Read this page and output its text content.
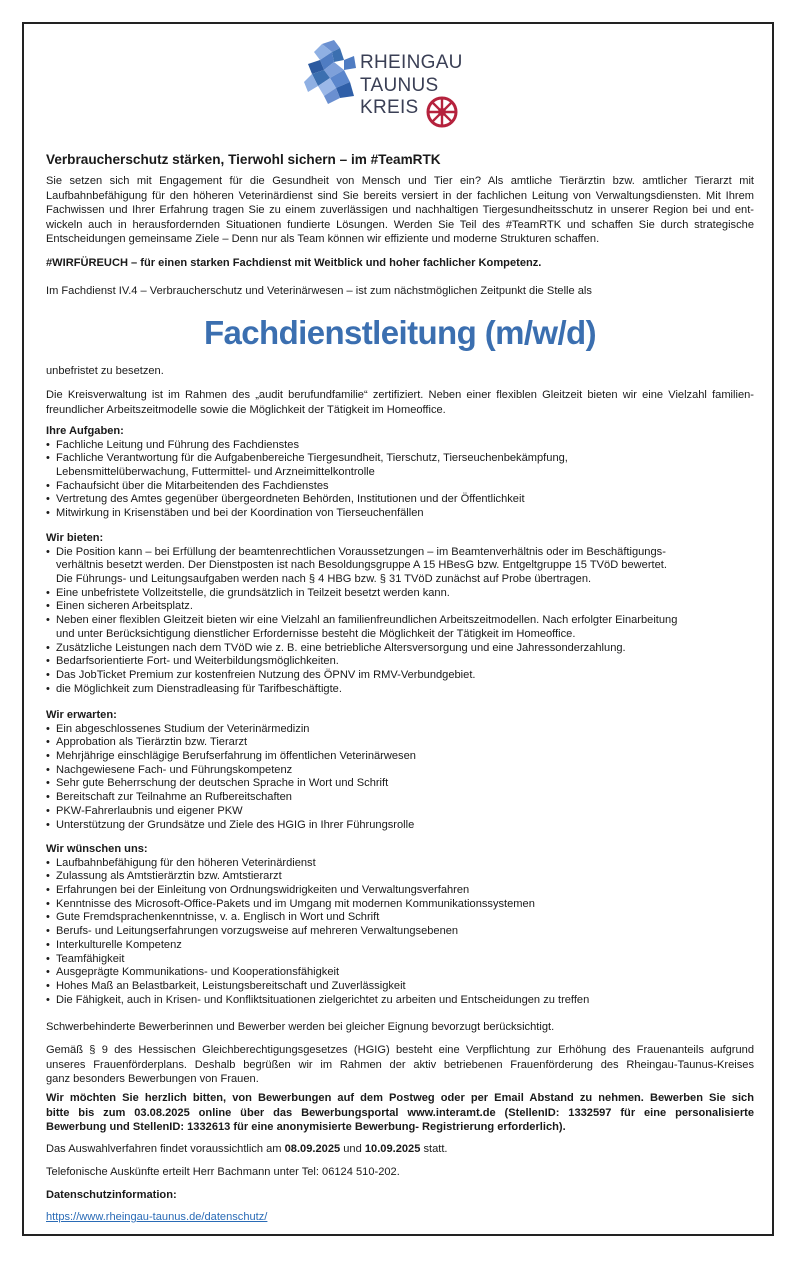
RHEINGAU
TAUNUS
KREIS
Verbraucherschutz stärken, Tierwohl sichern – im #TeamRTK

Sie setzen sich mit Engagement für die Gesundheit von Mensch und Tier ein? Als amtliche Tierärztin bzw. amtlicher Tierarzt mit

Laufbahnbefähigung für den höheren Veterinärdienst sind Sie bereits versiert in der fachlichen Leitung von Verwaltungsdiensten. Mit Ihrem

Fachwissen und Ihrer Erfahrung tragen Sie zu einem zuverlässigen und nachhaltigen Tiergesundheitsschutz in unserer Region bei und ent-

wickeln auch in herausfordernden Situationen fundierte Lösungen. Werden Sie Teil des #TeamRTK und schaffen Sie durch strategische

Entscheidungen gemeinsame Ziele – Denn nur als Team können wir effiziente und moderne Strukturen schaffen.

#WIRFÜREUCH – für einen starken Fachdienst mit Weitblick und hoher fachlicher Kompetenz.

Im Fachdienst IV.4 – Verbraucherschutz und Veterinärwesen – ist zum nächstmöglichen Zeitpunkt die Stelle als

Fachdienstleitung (m/w/d)

unbefristet zu besetzen.

Die Kreisverwaltung ist im Rahmen des „audit berufundfamilie“ zertifiziert. Neben einer flexiblen Gleitzeit bieten wir eine Vielzahl familien-

freundlicher Arbeitszeitmodelle sowie die Möglichkeit der Tätigkeit im Homeoffice.

Ihre Aufgaben:
• Fachliche Leitung und Führung des Fachdienstes
• Fachliche Verantwortung für die Aufgabenbereiche Tiergesundheit, Tierschutz, Tierseuchenbekämpfung,
Lebensmittelüberwachung, Futtermittel- und Arzneimittelkontrolle
• Fachaufsicht über die Mitarbeitenden des Fachdienstes
• Vertretung des Amtes gegenüber übergeordneten Behörden, Institutionen und der Öffentlichkeit
• Mitwirkung in Krisenstäben und bei der Koordination von Tierseuchenfällen
Wir bieten:
• Die Position kann – bei Erfüllung der beamtenrechtlichen Voraussetzungen – im Beamtenverhältnis oder im Beschäftigungs-
verhältnis besetzt werden. Der Dienstposten ist nach Besoldungsgruppe A 15 HBesG bzw. Entgeltgruppe 15 TVöD bewertet.
Die Führungs- und Leitungsaufgaben werden nach § 4 HBG bzw. § 31 TVöD zunächst auf Probe übertragen.
• Eine unbefristete Vollzeitstelle, die grundsätzlich in Teilzeit besetzt werden kann.
• Einen sicheren Arbeitsplatz.
• Neben einer flexiblen Gleitzeit bieten wir eine Vielzahl an familienfreundlichen Arbeitszeitmodellen. Nach erfolgter Einarbeitung
und unter Berücksichtigung dienstlicher Erfordernisse besteht die Möglichkeit der Tätigkeit im Homeoffice.
• Zusätzliche Leistungen nach dem TVöD wie z. B. eine betriebliche Altersversorgung und eine Jahressonderzahlung.
• Bedarfsorientierte Fort- und Weiterbildungsmöglichkeiten.
• Das JobTicket Premium zur kostenfreien Nutzung des ÖPNV im RMV-Verbundgebiet.
• die Möglichkeit zum Dienstradleasing für Tarifbeschäftigte.
Wir erwarten:
• Ein abgeschlossenes Studium der Veterinärmedizin
• Approbation als Tierärztin bzw. Tierarzt
• Mehrjährige einschlägige Berufserfahrung im öffentlichen Veterinärwesen
• Nachgewiesene Fach- und Führungskompetenz
• Sehr gute Beherrschung der deutschen Sprache in Wort und Schrift
• Bereitschaft zur Teilnahme an Rufbereitschaften
• PKW-Fahrerlaubnis und eigener PKW
• Unterstützung der Grundsätze und Ziele des HGIG in Ihrer Führungsrolle
Wir wünschen uns:
• Laufbahnbefähigung für den höheren Veterinärdienst
• Zulassung als Amtstierärztin bzw. Amtstierarzt
• Erfahrungen bei der Einleitung von Ordnungswidrigkeiten und Verwaltungsverfahren
• Kenntnisse des Microsoft-Office-Pakets und im Umgang mit modernen Kommunikationssystemen
• Gute Fremdsprachenkenntnisse, v. a. Englisch in Wort und Schrift
• Berufs- und Leitungserfahrungen vorzugsweise auf mehreren Verwaltungsebenen
• Interkulturelle Kompetenz
• Teamfähigkeit
• Ausgeprägte Kommunikations- und Kooperationsfähigkeit
• Hohes Maß an Belastbarkeit, Leistungsbereitschaft und Zuverlässigkeit
• Die Fähigkeit, auch in Krisen- und Konfliktsituationen zielgerichtet zu arbeiten und Entscheidungen zu treffen

Schwerbehinderte Bewerberinnen und Bewerber werden bei gleicher Eignung bevorzugt berücksichtigt.

Gemäß § 9 des Hessischen Gleichberechtigungsgesetzes (HGIG) besteht eine Verpflichtung zur Erhöhung des Frauenanteils aufgrund

unseres Frauenförderplans. Deshalb begrüßen wir im Rahmen der aktiv betriebenen Frauenförderung des Rheingau-Taunus-Kreises

ganz besonders Bewerbungen von Frauen.

Wir möchten Sie herzlich bitten, von Bewerbungen auf dem Postweg oder per Email Abstand zu nehmen. Bewerben Sie sich

bitte bis zum 03.08.2025 online über das Bewerbungsportal www.interamt.de (StellenID: 1332597 für eine personalisierte

Bewerbung und StellenID: 1332613 für eine anonymisierte Bewerbung- Registrierung erforderlich).

Das Auswahlverfahren findet voraussichtlich am 08.09.2025 und 10.09.2025 statt.

Telefonische Auskünfte erteilt Herr Bachmann unter Tel: 06124 510-202.

Datenschutzinformation:

https://www.rheingau-taunus.de/datenschutz/
